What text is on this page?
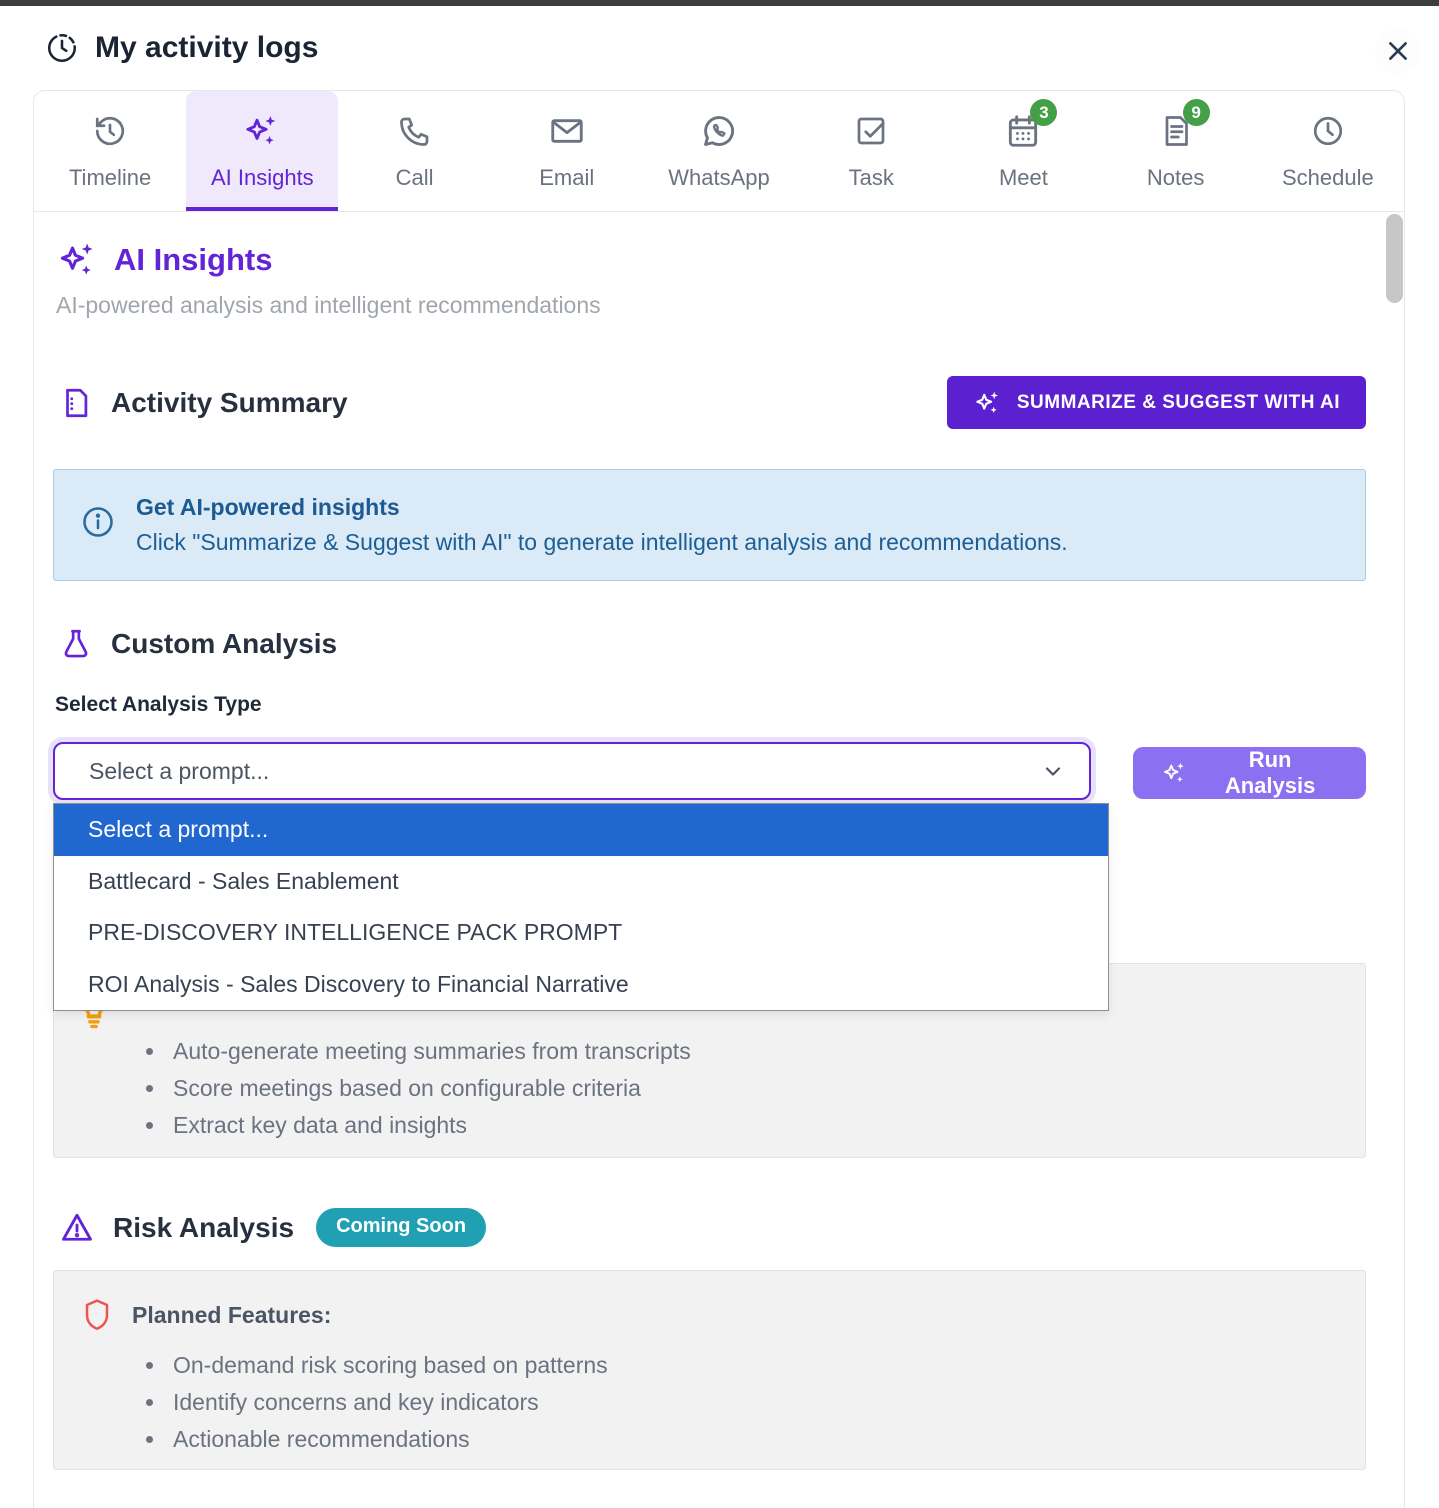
My activity logs
Timeline	AI Insights	Call	Email	WhatsApp	Task
3
Meet
9
Notes	Schedule
AI Insights
AI-powered analysis and intelligent recommendations
Activity Summary	SUMMARIZE & SUGGEST WITH AI
Get AI-powered insights
Click "Summarize & Suggest with AI" to generate intelligent analysis and recommendations.
Custom Analysis
Select Analysis Type
Select a prompt...	Run Analysis
Select a prompt...
Battlecard - Sales Enablement
PRE-DISCOVERY INTELLIGENCE PACK PROMPT
ROI Analysis - Sales Discovery to Financial Narrative
• Auto-generate meeting summaries from transcripts
• Score meetings based on configurable criteria
• Extract key data and insights
Risk Analysis	Coming Soon
Planned Features:
• On-demand risk scoring based on patterns
• Identify concerns and key indicators
• Actionable recommendations
